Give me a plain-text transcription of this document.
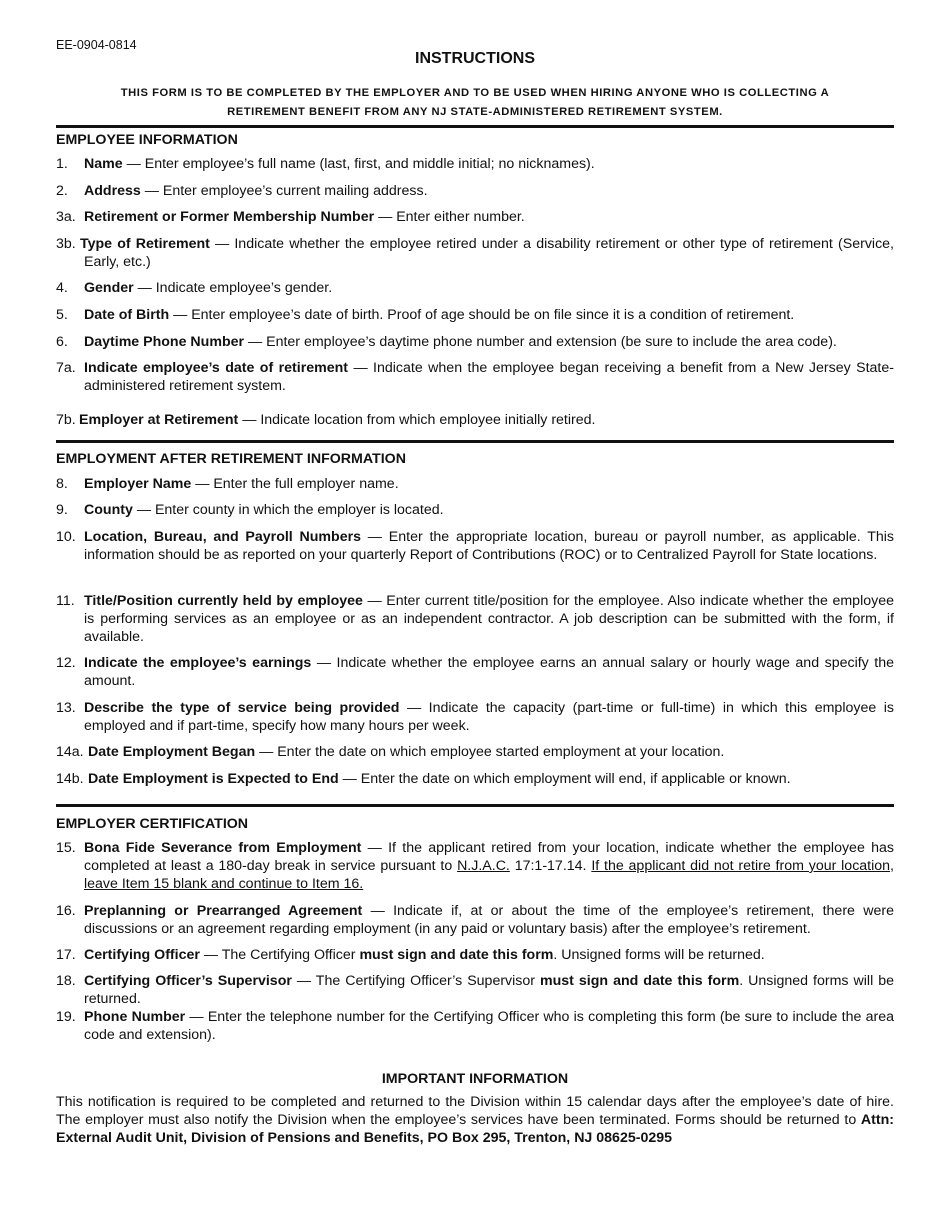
EE-0904-0814
INSTRUCTIONS
THIS FORM IS TO BE COMPLETED BY THE EMPLOYER AND TO BE USED WHEN HIRING ANYONE WHO IS COLLECTING A RETIREMENT BENEFIT FROM ANY NJ STATE-ADMINISTERED RETIREMENT SYSTEM.
EMPLOYEE INFORMATION
1.	Name — Enter employee’s full name (last, first, and middle initial; no nicknames).
2.	Address — Enter employee’s current mailing address.
3a. Retirement or Former Membership Number — Enter either number.
3b. Type of Retirement — Indicate whether the employee retired under a disability retirement or other type of retirement (Service, Early, etc.)
4.	Gender — Indicate employee’s gender.
5.	Date of Birth — Enter employee’s date of birth. Proof of age should be on file since it is a condition of retirement.
6.	Daytime Phone Number — Enter employee’s daytime phone number and extension (be sure to include the area code).
7a. Indicate employee’s date of retirement — Indicate when the employee began receiving a benefit from a New Jersey State-administered retirement system.
7b. Employer at Retirement — Indicate location from which employee initially retired.
EMPLOYMENT AFTER RETIREMENT INFORMATION
8.	Employer Name — Enter the full employer name.
9.	County — Enter county in which the employer is located.
10. Location, Bureau, and Payroll Numbers — Enter the appropriate location, bureau or payroll number, as applicable. This information should be as reported on your quarterly Report of Contributions (ROC) or to Centralized Payroll for State locations.
11. Title/Position currently held by employee — Enter current title/position for the employee. Also indicate whether the employee is performing services as an employee or as an independent contractor. A job description can be submitted with the form, if available.
12. Indicate the employee’s earnings — Indicate whether the employee earns an annual salary or hourly wage and specify the amount.
13. Describe the type of service being provided — Indicate the capacity (part-time or full-time) in which this employee is employed and if part-time, specify how many hours per week.
14a. Date Employment Began — Enter the date on which employee started employment at your location.
14b. Date Employment is Expected to End — Enter the date on which employment will end, if applicable or known.
EMPLOYER CERTIFICATION
15. Bona Fide Severance from Employment — If the applicant retired from your location, indicate whether the employee has completed at least a 180-day break in service pursuant to N.J.A.C. 17:1-17.14. If the applicant did not retire from your location, leave Item 15 blank and continue to Item 16.
16. Preplanning or Prearranged Agreement — Indicate if, at or about the time of the employee’s retirement, there were discussions or an agreement regarding employment (in any paid or voluntary basis) after the employee’s retirement.
17. Certifying Officer — The Certifying Officer must sign and date this form. Unsigned forms will be returned.
18. Certifying Officer’s Supervisor — The Certifying Officer’s Supervisor must sign and date this form. Unsigned forms will be returned.
19. Phone Number — Enter the telephone number for the Certifying Officer who is completing this form (be sure to include the area code and extension).
IMPORTANT INFORMATION
This notification is required to be completed and returned to the Division within 15 calendar days after the employee’s date of hire. The employer must also notify the Division when the employee’s services have been terminated. Forms should be returned to Attn: External Audit Unit, Division of Pensions and Benefits, PO Box 295, Trenton, NJ 08625-0295
